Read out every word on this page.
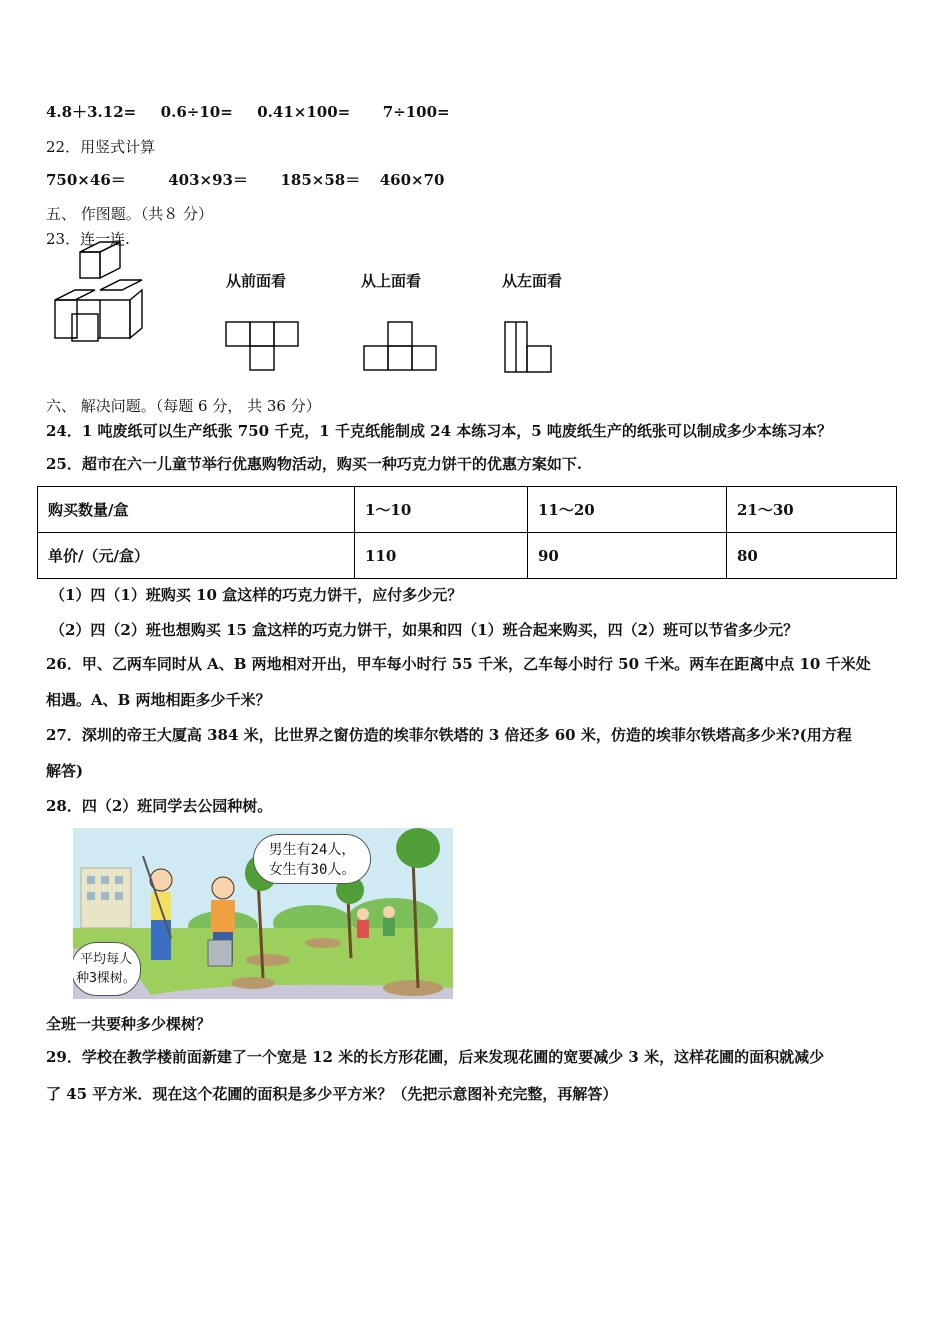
4.8＋3.12= 0.6÷10= 0.41×100= 7÷100=
22．用竖式计算
750×46＝	403×93＝ 185×58＝ 460×70
五、 作图题。（共８ 分）
23．连一连.
从前面看	从上面看	从左面看
六、 解决问题。（每题 6 分， 共 36 分）
24．1 吨废纸可以生产纸张 750 千克，1 千克纸能制成 24 本练习本，5 吨废纸生产的纸张可以制成多少本练习本？
25．超市在六一儿童节举行优惠购物活动，购买一种巧克力饼干的优惠方案如下.
购买数量/盒	1～10	11～20	21～30
单价/（元/盒）	110	90	80
（1）四（1）班购买 10 盒这样的巧克力饼干，应付多少元？
（2）四（2）班也想购买 15 盒这样的巧克力饼干，如果和四（1）班合起来购买，四（2）班可以节省多少元？
26．甲、乙两车同时从 A、B 两地相对开出，甲车每小时行 55 千米，乙车每小时行 50 千米。两车在距离中点 10 千米处
相遇。A、B 两地相距多少千米？
27．深圳的帝王大厦高 384 米，比世界之窗仿造的埃菲尔铁塔的 3 倍还多 60 米，仿造的埃菲尔铁塔高多少米?(用方程
解答)
28．四（2）班同学去公园种树。
男生有24人，
女生有30人。
平均每人
种3棵树。
全班一共要种多少棵树？
29．学校在教学楼前面新建了一个宽是 12 米的长方形花圃，后来发现花圃的宽要减少 3 米，这样花圃的面积就减少
了 45 平方米．现在这个花圃的面积是多少平方米？（先把示意图补充完整，再解答）
